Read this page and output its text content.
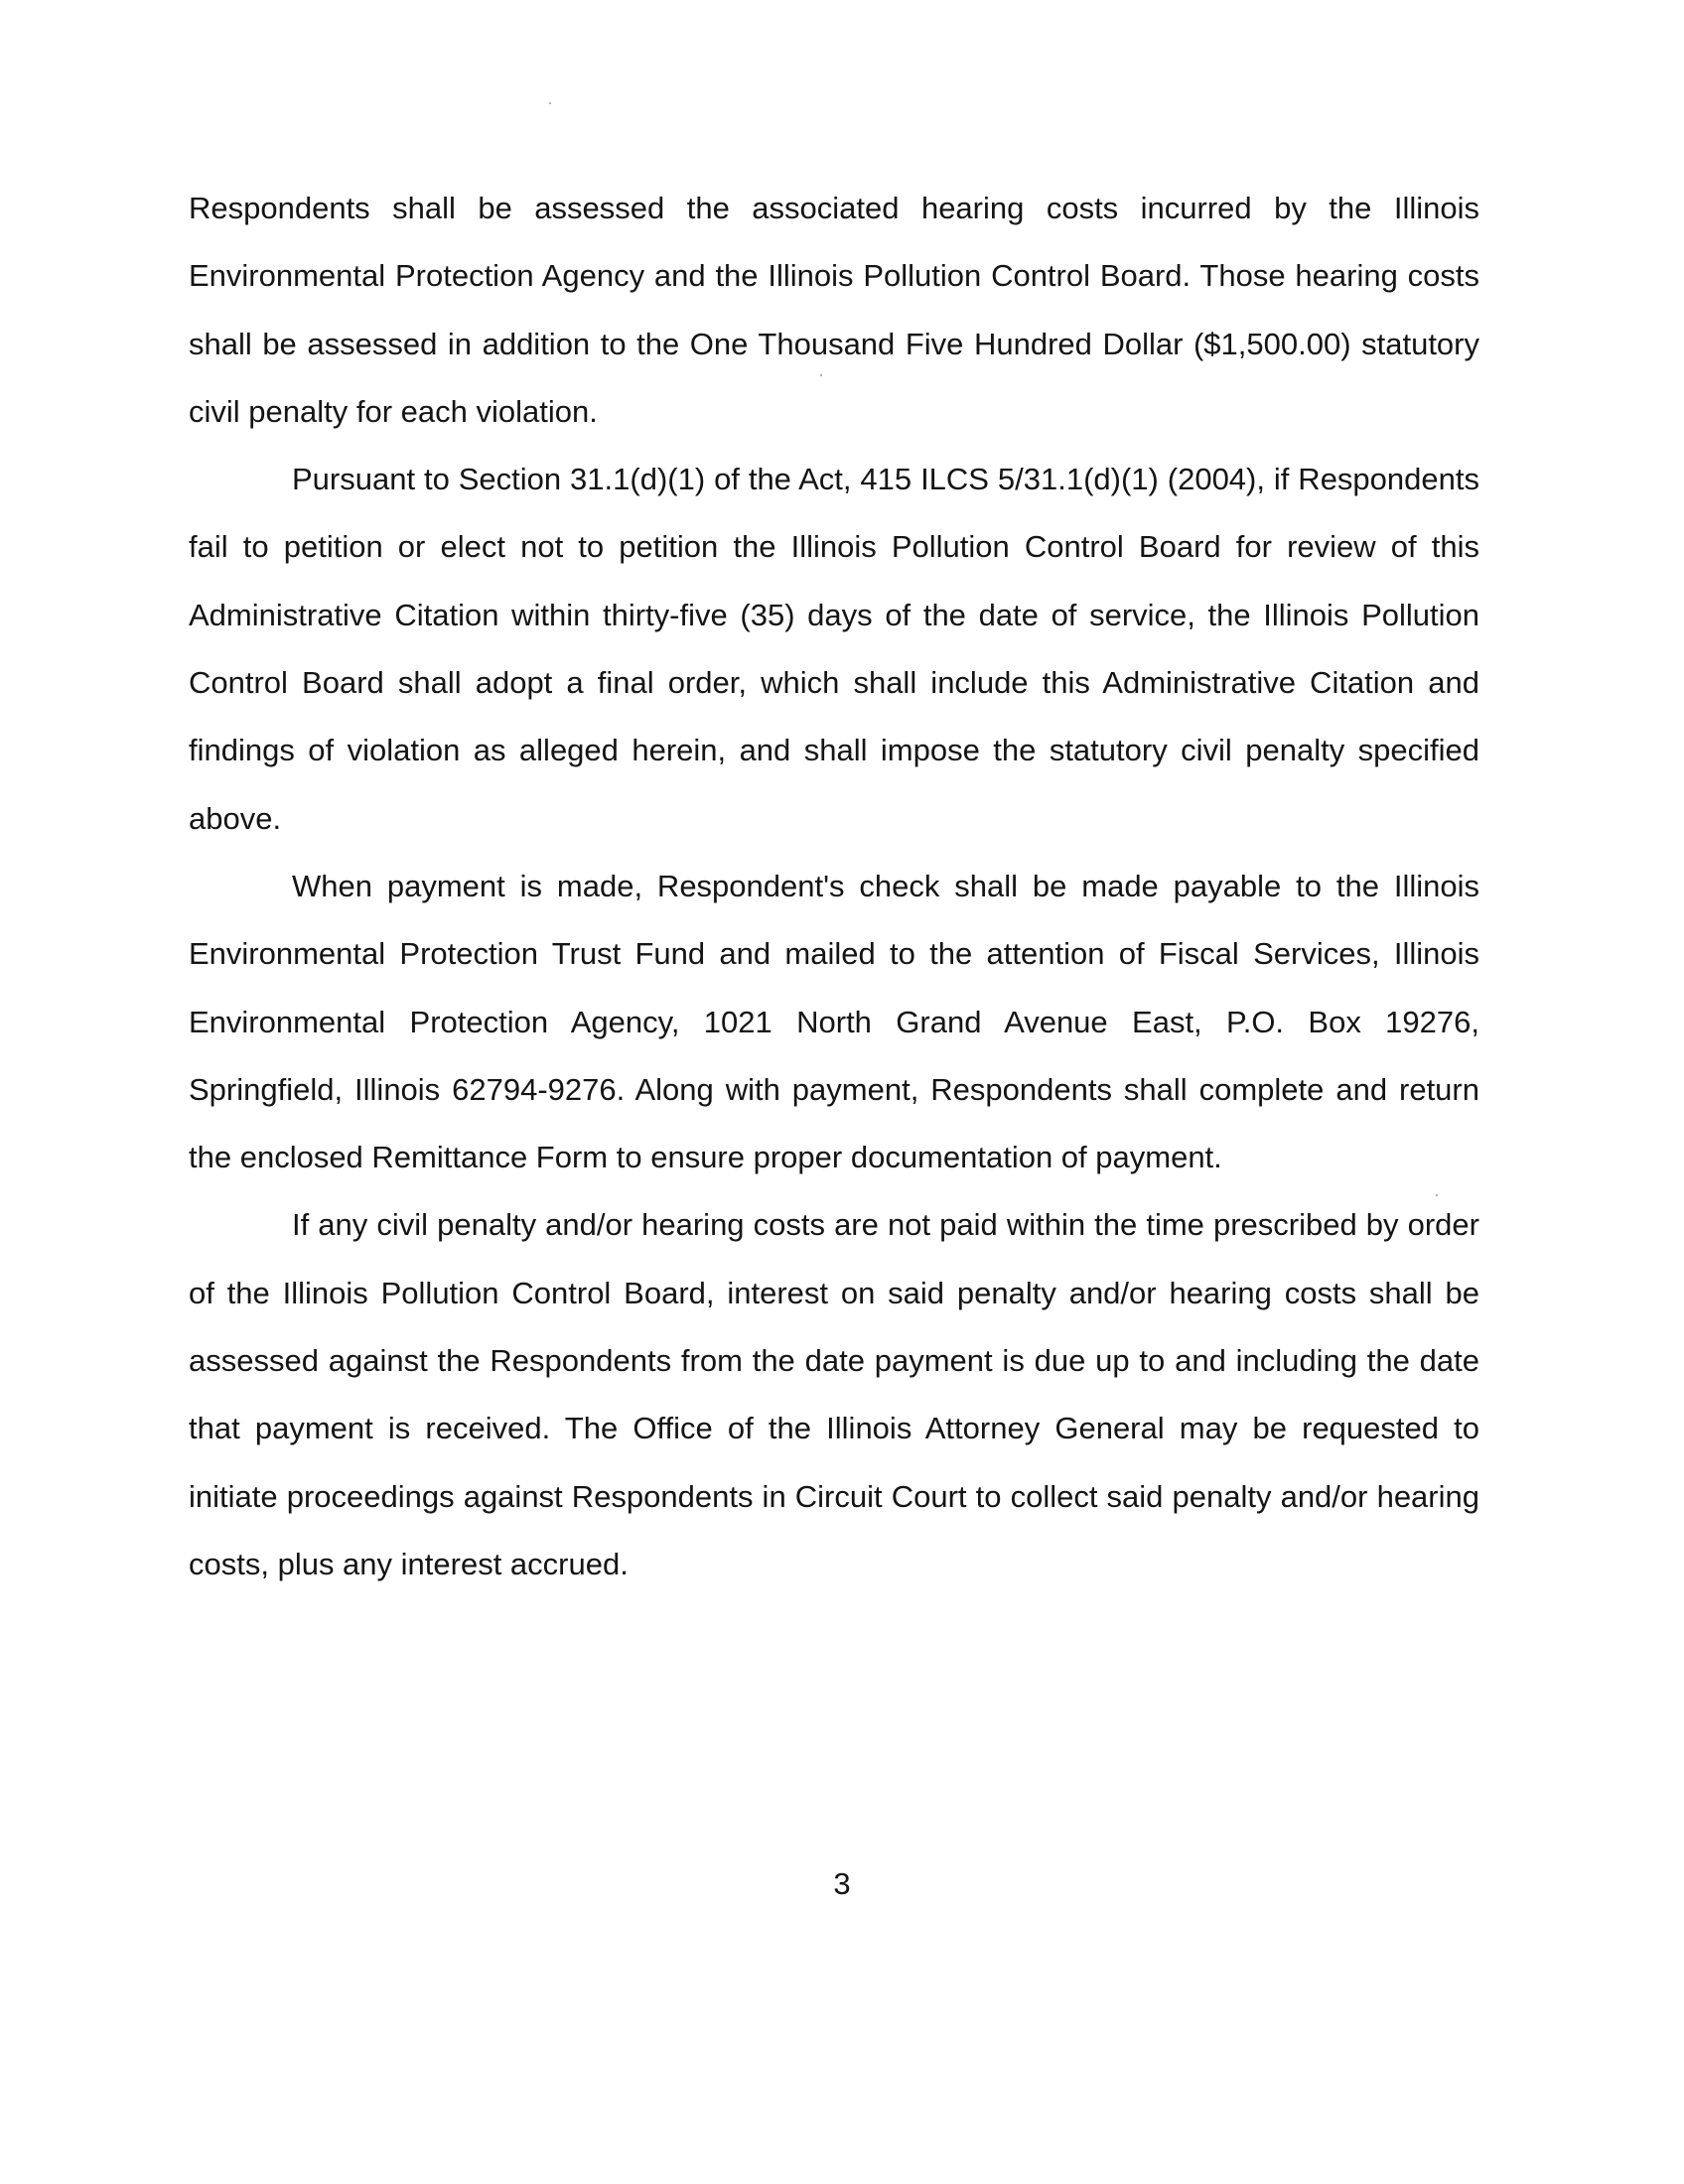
Respondents shall be assessed the associated hearing costs incurred by the Illinois Environmental Protection Agency and the Illinois Pollution Control Board. Those hearing costs shall be assessed in addition to the One Thousand Five Hundred Dollar ($1,500.00) statutory civil penalty for each violation.

Pursuant to Section 31.1(d)(1) of the Act, 415 ILCS 5/31.1(d)(1) (2004), if Respondents fail to petition or elect not to petition the Illinois Pollution Control Board for review of this Administrative Citation within thirty-five (35) days of the date of service, the Illinois Pollution Control Board shall adopt a final order, which shall include this Administrative Citation and findings of violation as alleged herein, and shall impose the statutory civil penalty specified above.

When payment is made, Respondent's check shall be made payable to the Illinois Environmental Protection Trust Fund and mailed to the attention of Fiscal Services, Illinois Environmental Protection Agency, 1021 North Grand Avenue East, P.O. Box 19276, Springfield, Illinois 62794-9276. Along with payment, Respondents shall complete and return the enclosed Remittance Form to ensure proper documentation of payment.

If any civil penalty and/or hearing costs are not paid within the time prescribed by order of the Illinois Pollution Control Board, interest on said penalty and/or hearing costs shall be assessed against the Respondents from the date payment is due up to and including the date that payment is received. The Office of the Illinois Attorney General may be requested to initiate proceedings against Respondents in Circuit Court to collect said penalty and/or hearing costs, plus any interest accrued.

3
